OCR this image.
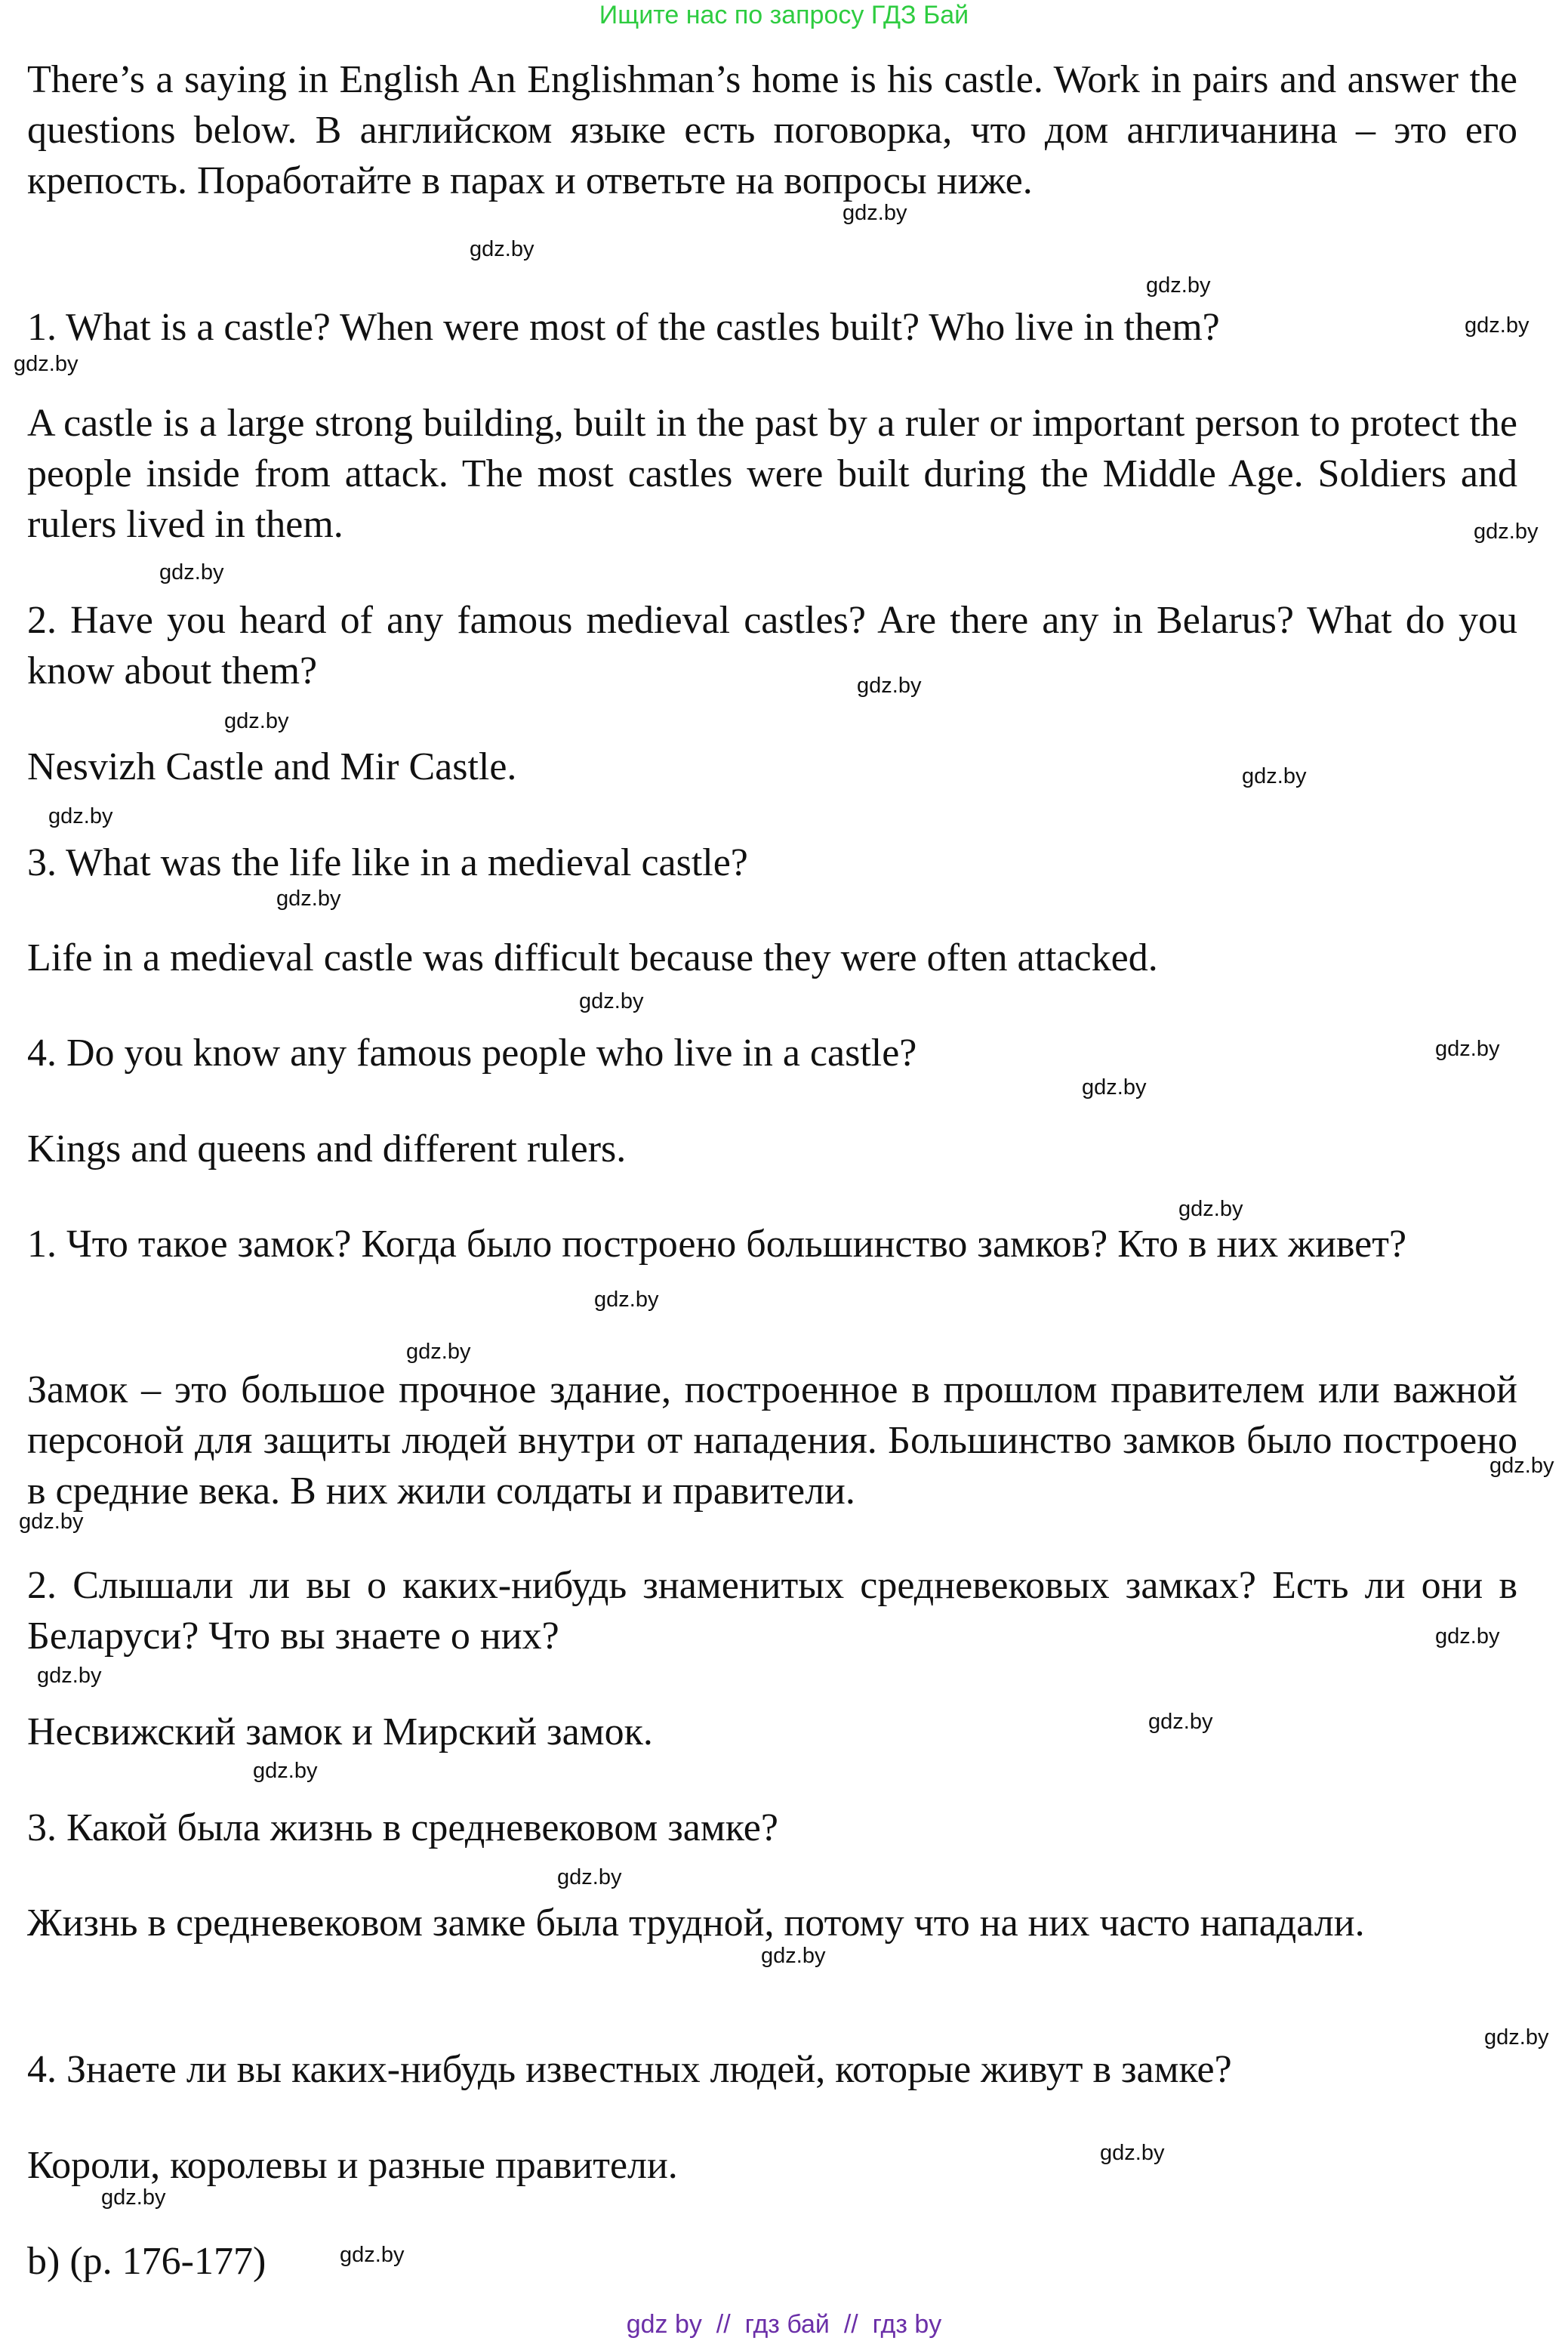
Ищите нас по запросу ГДЗ Бай

There’s a saying in English An Englishman’s home is his castle. Work in pairs and answer the questions below. В английском языке есть поговорка, что дом англичанина – это его крепость. Поработайте в парах и ответьте на вопросы ниже.

1. What is a castle? When were most of the castles built? Who live in them?

A castle is a large strong building, built in the past by a ruler or important person to protect the people inside from attack. The most castles were built during the Middle Age. Soldiers and rulers lived in them.

2. Have you heard of any famous medieval castles? Are there any in Belarus? What do you know about them?

Nesvizh Castle and Mir Castle.

3. What was the life like in a medieval castle?

Life in a medieval castle was difficult because they were often attacked.

4. Do you know any famous people who live in a castle?

Kings and queens and different rulers.

1. Что такое замок? Когда было построено большинство замков? Кто в них живет?

Замок – это большое прочное здание, построенное в прошлом правителем или важной персоной для защиты людей внутри от нападения. Большинство замков было построено в средние века. В них жили солдаты и правители.

2. Слышали ли вы о каких-нибудь знаменитых средневековых замках? Есть ли они в Беларуси? Что вы знаете о них?

Несвижский замок и Мирский замок.

3. Какой была жизнь в средневековом замке?

Жизнь в средневековом замке была трудной, потому что на них часто нападали.

4. Знаете ли вы каких-нибудь известных людей, которые живут в замке?

Короли, королевы и разные правители.

b) (p. 176-177)

gdz.by
gdz.by
gdz.by
gdz.by
gdz.by
gdz.by
gdz.by
gdz.by
gdz.by
gdz.by
gdz.by
gdz.by
gdz.by
gdz.by
gdz.by
gdz.by
gdz.by
gdz.by
gdz.by
gdz.by
gdz.by
gdz.by
gdz.by
gdz.by
gdz.by
gdz.by
gdz.by
gdz.by
gdz.by
gdz.by
gdz by  //  гдз бай  //  гдз by
